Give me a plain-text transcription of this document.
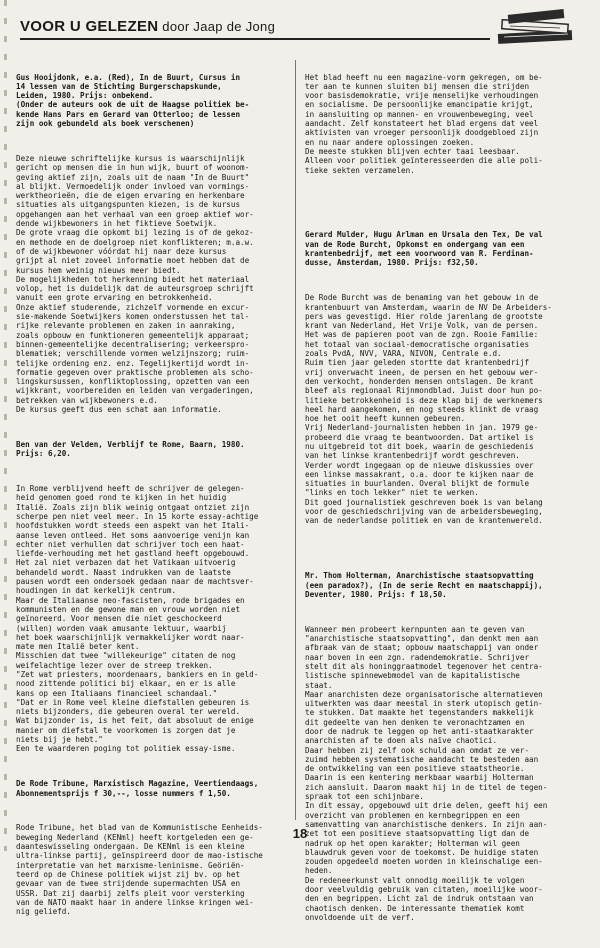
VOOR U GELEZEN door Jaap de Jong

Gus Hooijdonk, e.a. (Red), In de Buurt, Cursus in
14 lessen van de Stichting Burgerschapskunde,
Leiden, 1980. Prijs: onbekend.
(Onder de auteurs ook de uit de Haagse politiek be-
kende Hans Pars en Gerard van Otterloo; de lessen
zijn ook gebundeld als boek verschenen)

Deze nieuwe schriftelijke kursus is waarschijnlijk
gericht op mensen die in hun wijk, buurt of woonom-
geving aktief zijn, zoals uit de naam "In de Buurt"
al blijkt. Vermoedelijk onder invloed van vormings-
werktheorieën, die de eigen ervaring en herkenbare
situaties als uitgangspunten kiezen, is de kursus
opgehangen aan het verhaal van een groep aktief wor-
dende wijkbewoners in het fiktieve Soetwijk.
De grote vraag die opkomt bij lezing is of de gekoz-
en methode en de doelgroep niet konflikteren; m.a.w.
of de wijkbewoner vóórdat hij naar deze kursus
grijpt al niet zoveel informatie moet hebben dat de
kursus hem weinig nieuws meer biedt.
De mogelijkheden tot herkenning biedt het materiaal
volop, het is duidelijk dat de auteursgroep schrijft
vanuit een grote ervaring en betrokkenheid.
Onze aktief studerende, zichzelf vormende en excur-
sie-makende Soetwijkers komen onderstussen het tal-
rijke relevante problemen en zaken in aanraking,
zoals opbouw en funktioneren gemeentelijk apparaat;
binnen-gemeentelijke decentralisering; verkeerspro-
blematiek; verschillende vormen welzijnszorg; ruim-
telijke ordening enz. enz. Tegelijkertijd wordt in-
formatie gegeven over praktische problemen als scho-
lingskursussen, konfliktoplossing, opzetten van een
wijkkrant, voorbereiden en leiden van vergaderingen,
betrekken van wijkbewoners e.d.
De kursus geeft dus een schat aan informatie.

Ben van der Velden, Verblijf te Rome, Baarn, 1980.
Prijs: 6,20.

In Rome verblijvend heeft de schrijver de gelegen-
heid genomen goed rond te kijken in het huidig
Italië. Zoals zijn blik weinig ontgaat ontziet zijn
scherpe pen niet veel meer. In 15 korte essay-achtige
hoofdstukken wordt steeds een aspekt van het Itali-
aanse leven ontleed. Het soms aanvoerige venijn kan
echter niet verhullen dat schrijver toch een haat-
liefde-verhouding met het gastland heeft opgebouwd.
Het zal niet verbazen dat het Vatikaan uitvoerig
behandeld wordt. Naast indrukken van de laatste
pausen wordt een ondersoek gedaan naar de machtsver-
houdingen in dat kerkelijk centrum.
Maar de Italiaanse neo-fascisten, rode brigades en
kommunisten en de gewone man en vrouw worden niet
geïnoreerd. Voor mensen die niet geschockeerd
(willen) worden vaak amusante lektuur, waarbij
het boek waarschijnlijk vermakkelijker wordt naar-
mate men Italië beter kent.
Misschien dat twee "willekeurige" citaten de nog
weifelachtige lezer over de streep trekken.
"Zet wat priesters, moordenaars, bankiers en in geld-
nood zittende politici bij elkaar, en er is alle
kans op een Italiaans financieel schandaal."
"Dat er in Rome veel kleine diefstallen gebeuren is
niets bijzonders, die gebeuren overal ter wereld.
Wat bijzonder is, is het feit, dat absoluut de enige
manier om diefstal te voorkomen is zorgen dat je
niets bij je hebt."
Een te waarderen poging tot politiek essay-isme.

De Rode Tribune, Marxistisch Magazine, Veertiendaags,
Abonnementsprijs f 30,--, losse nummers f 1,50.

Rode Tribune, het blad van de Kommunistische Eenheids-
beweging Nederland (KENml) heeft kortgeleden een ge-
daanteswisseling ondergaan. De KENml is een kleine
ultra-linkse partij, geïnspireerd door de mao-istische
interpretatie van het marxisme-leninisme. Geöriën-
teerd op de Chinese politiek wijst zij bv. op het
gevaar van de twee strijdende supermachten USA en
USSR. Dat zij daarbij zelfs pleit voor versterking
van de NATO maakt haar in andere linkse kringen wei-
nig geliefd.

Het blad heeft nu een magazine-vorm gekregen, om be-
ter aan te kunnen sluiten bij mensen die strijden
voor basisdemokratie, vrije menselijke verhoudingen
en socialisme. De persoonlijke emancipatie krijgt,
in aansluiting op mannen- en vrouwenbeweging, veel
aandacht. Zelf konstateert het blad ergens dat veel
aktivisten van vroeger persoonlijk doodgebloed zijn
en nu naar andere oplossingen zoeken.
De meeste stukken blijven echter taai leesbaar.
Alleen voor politiek geïnteresseerden die alle poli-
tieke sekten verzamelen.

Gerard Mulder, Hugu Arlman en Ursala den Tex, De val
van de Rode Burcht, Opkomst en ondergang van een
krantenbedrijf, met een voorwoord van R. Ferdinan-
dusse, Amsterdam, 1980. Prijs: f32,50.

De Rode Burcht was de benaming van het gebouw in de
krantenbuurt van Amsterdam, waarin de NV De Arbeiders-
pers was gevestigd. Hier rolde jarenlang de grootste
krant van Nederland, Het Vrije Volk, van de persen.
Het was de papieren poot van de zgn. Rooie Familie:
het totaal van sociaal-democratische organisaties
zoals PvdA, NVV, VARA, NIVON, Centrale e.d.
Ruim tien jaar geleden stortte dat krantenbedrijf
vrij onverwacht ineen, de persen en het gebouw wer-
den verkocht, honderden mensen ontslagen. De krant
bleef als regionaal Rijnmondblad. Juist door hun po-
litieke betrokkenheid is deze klap bij de werknemers
heel hard aangekomen, en nog steeds klinkt de vraag
hoe het ooit heeft kunnen gebeuren.
Vrij Nederland-journalisten hebben in jan. 1979 ge-
probeerd die vraag te beantwoorden. Dat artikel is
nu uitgebreid tot dit boek, waarin de geschiedenis
van het linkse krantenbedrijf wordt geschreven.
Verder wordt ingegaan op de nieuwe diskussies over
een linkse massakrant, o.a. door te kijken naar de
situaties in buurlanden. Overal blijkt de formule
"links en toch lekker" niet te werken.
Dit goed journalistiek geschreven boek is van belang
voor de geschiedschrijving van de arbeidersbeweging,
van de nederlandse politiek en van de krantenwereld.

Mr. Thom Holterman, Anarchistische staatsopvatting
(een paradox?), (In de serie Recht en maatschappij),
Deventer, 1980. Prijs: f 18,50.

Wanneer men probeert kernpunten aan te geven van
"anarchistische staatsopvatting", dan denkt men aan
afbraak van de staat; opbouw maatschappij van onder
naar boven in een zgn. radendemokratie. Schrijver
stelt dit als honinggraatmodel tegenover het centra-
listische spinnewebmodel van de kapitalistische
staat.
Maar anarchisten deze organisatorische alternatieven
uitwerkten was daar meestal in sterk utopisch getin-
te stukken. Dat maakte het tegenstanders makkelijk
dit gedeelte van hen denken te veronachtzamen en
door de nadruk te leggen op het anti-staatkarakter
anarchisten af te doen als naïve chaotici.
Daar hebben zij zelf ook schuld aan omdat ze ver-
zuimd hebben systematische aandacht te besteden aan
de ontwikkeling van een positieve staatstheorie.
Daarin is een kentering merkbaar waarbij Holterman
zich aansluit. Daarom maakt hij in de titel de tegen-
spraak tot een schijnbare.
In dit essay, opgebouwd uit drie delen, geeft hij een
overzicht van problemen en kernbegrippen en een
samenvatting van anarchistische denkers. In zijn aan-
zet tot een positieve staatsopvatting ligt dan de
nadruk op het open karakter; Holterman wil geen
blauwdruk geven voor de toekomst. De huidige staten
zouden opgedeeld moeten worden in kleinschalige een-
heden.
De redeneerkunst valt onnodig moeilijk te volgen
door veelvuldig gebruik van citaten, moeilijke woor-
den en begrippen. Licht zal de indruk ontstaan van
chaotisch denken. De interessante thematiek komt
onvoldoende uit de verf.

18
